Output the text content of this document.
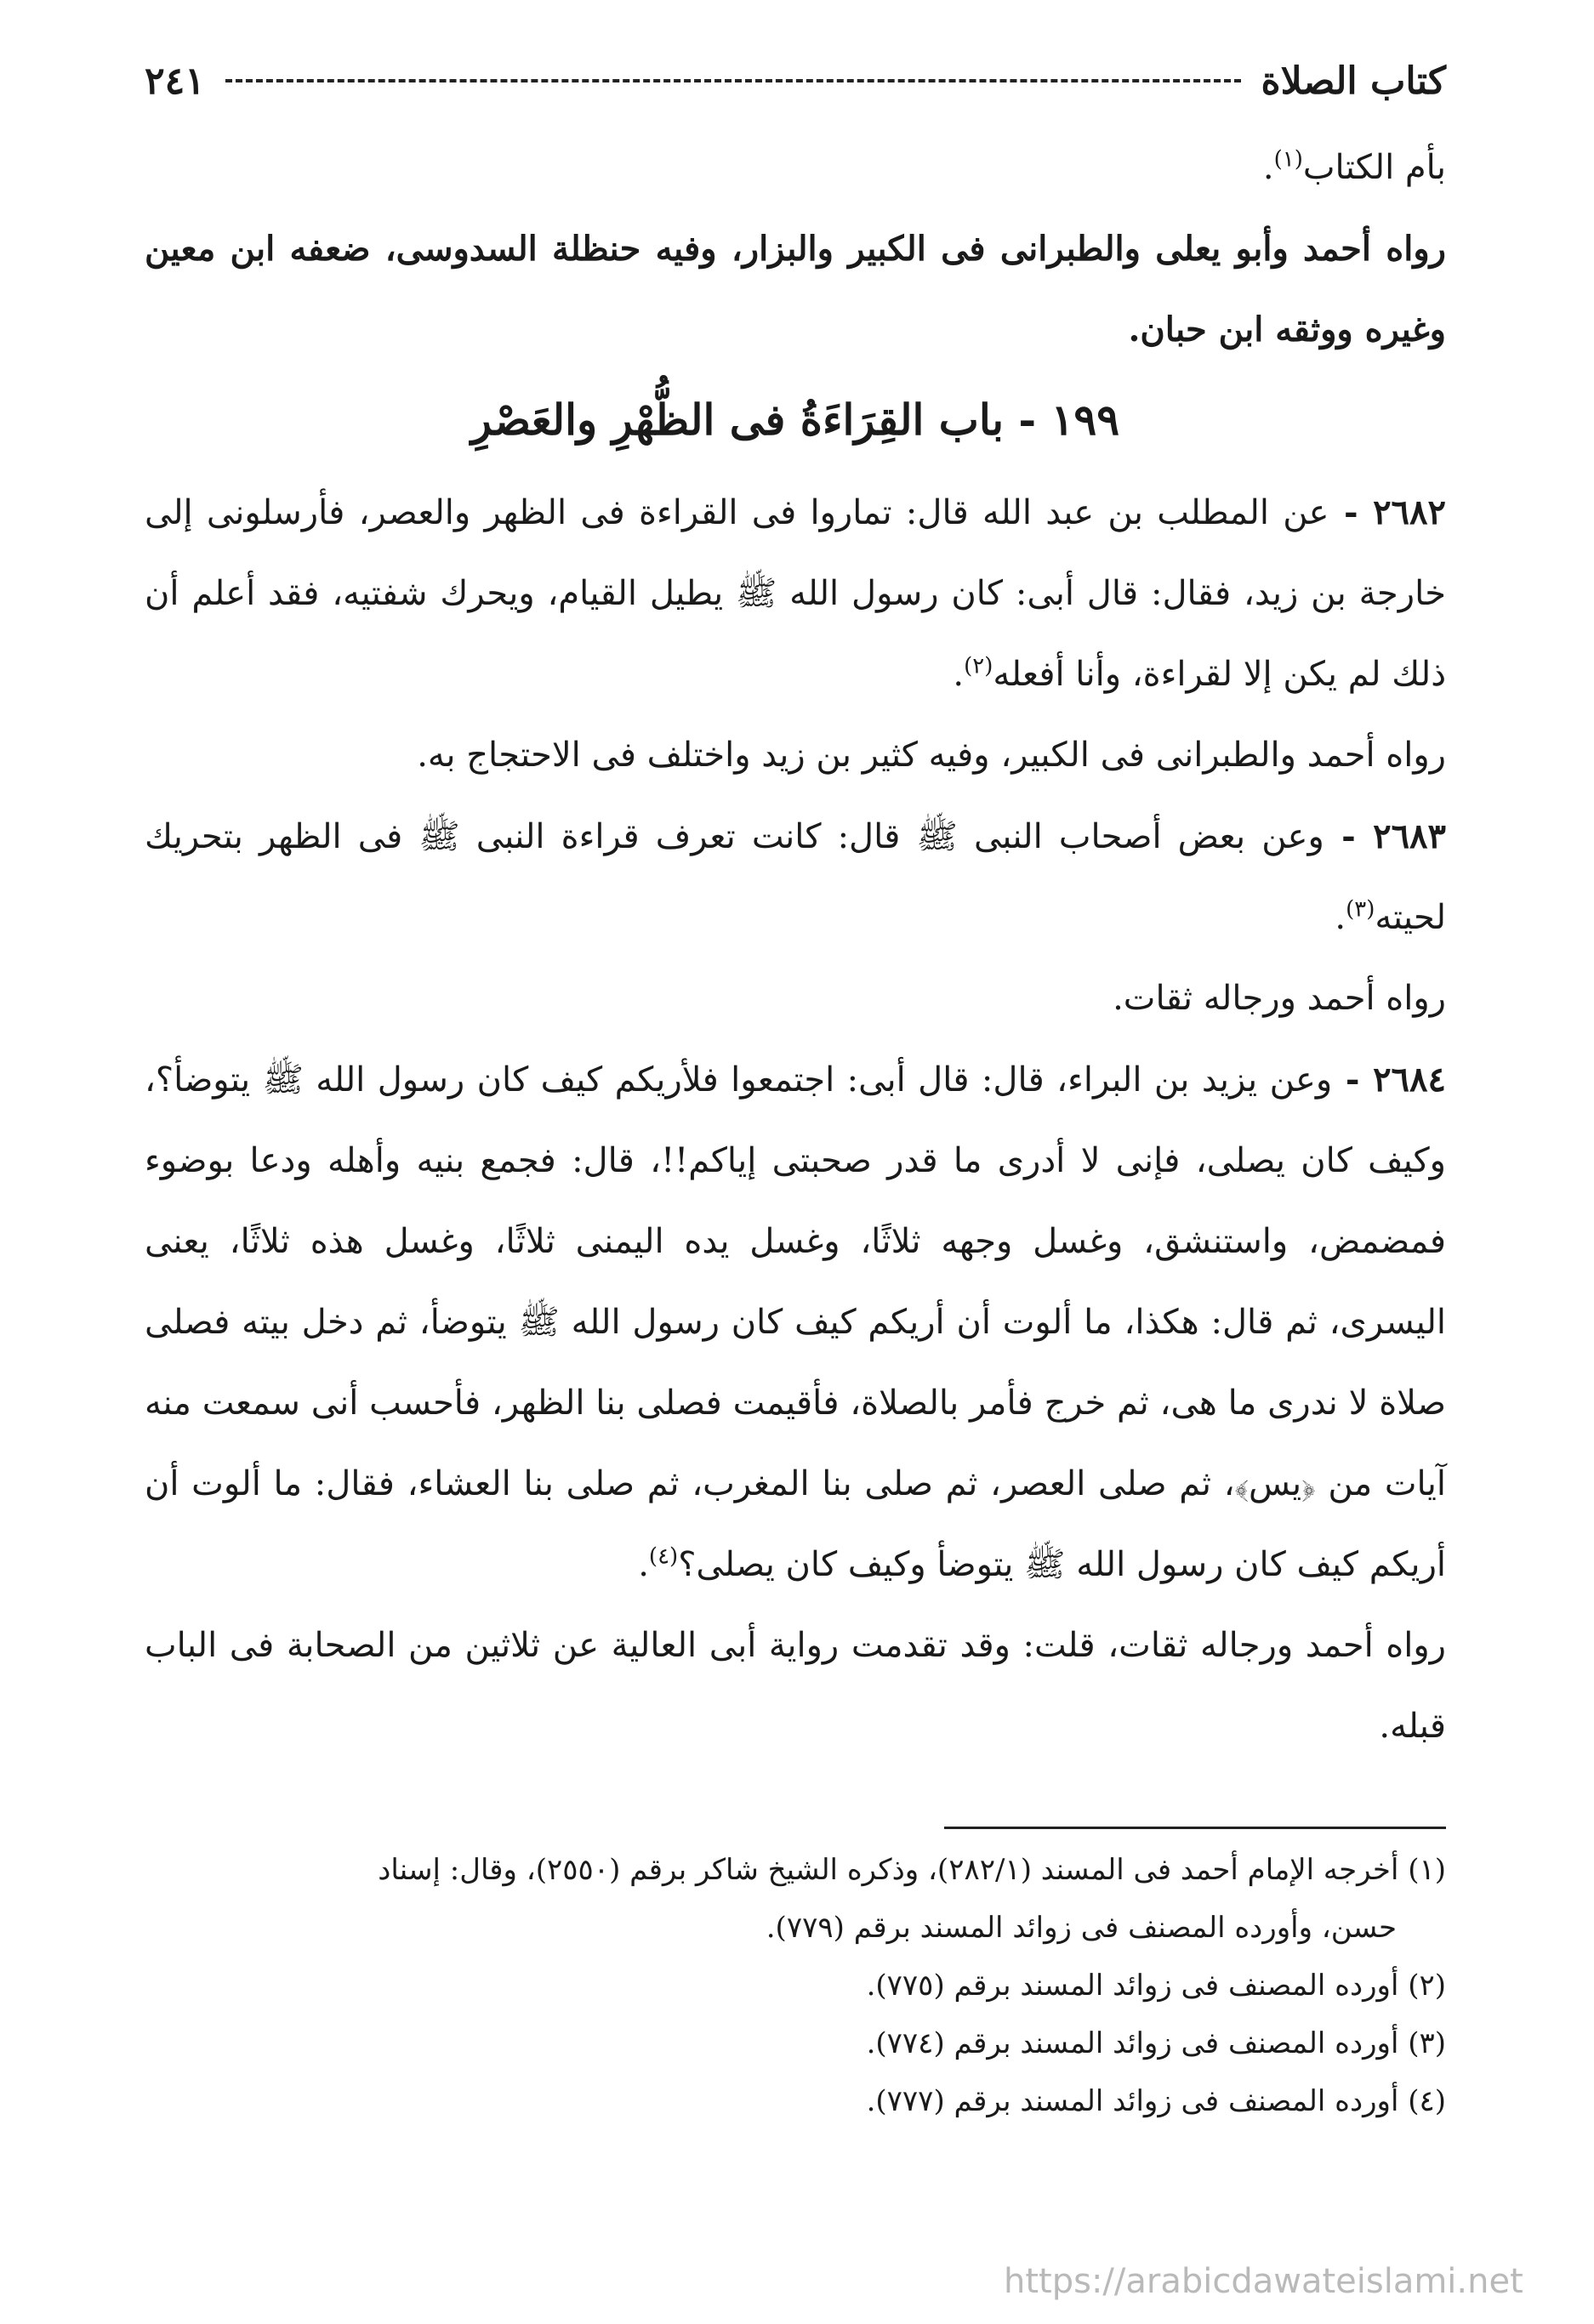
كتاب الصلاة
٢٤١

بأم الكتاب$^{(١)}$.

رواه أحمد وأبو يعلى والطبرانى فى الكبير والبزار، وفيه حنظلة السدوسى، ضعفه ابن معين وغيره ووثقه ابن حبان.

١٩٩ - باب القِرَاءَةُ فى الظُّهْرِ والعَصْرِ

٢٦٨٢ - عن المطلب بن عبد الله قال: تماروا فى القراءة فى الظهر والعصر، فأرسلونى إلى خارجة بن زيد، فقال: قال أبى: كان رسول الله ﷺ يطيل القيام، ويحرك شفتيه، فقد أعلم أن ذلك لم يكن إلا لقراءة، وأنا أفعله$^{(٢)}$.

رواه أحمد والطبرانى فى الكبير، وفيه كثير بن زيد واختلف فى الاحتجاج به.

٢٦٨٣ - وعن بعض أصحاب النبى ﷺ قال: كانت تعرف قراءة النبى ﷺ فى الظهر بتحريك لحيته$^{(٣)}$.

رواه أحمد ورجاله ثقات.

٢٦٨٤ - وعن يزيد بن البراء، قال: قال أبى: اجتمعوا فلأريكم كيف كان رسول الله ﷺ يتوضأ؟، وكيف كان يصلى، فإنى لا أدرى ما قدر صحبتى إياكم!!، قال: فجمع بنيه وأهله ودعا بوضوء فمضمض، واستنشق، وغسل وجهه ثلاثًا، وغسل يده اليمنى ثلاثًا، وغسل هذه ثلاثًا، يعنى اليسرى، ثم قال: هكذا، ما ألوت أن أريكم كيف كان رسول الله ﷺ يتوضأ، ثم دخل بيته فصلى صلاة لا ندرى ما هى، ثم خرج فأمر بالصلاة، فأقيمت فصلى بنا الظهر، فأحسب أنى سمعت منه آيات من ﴿يس﴾، ثم صلى العصر، ثم صلى بنا المغرب، ثم صلى بنا العشاء، فقال: ما ألوت أن أريكم كيف كان رسول الله ﷺ يتوضأ وكيف كان يصلى؟$^{(٤)}$.

رواه أحمد ورجاله ثقات، قلت: وقد تقدمت رواية أبى العالية عن ثلاثين من الصحابة فى الباب قبله.

(١) أخرجه الإمام أحمد فى المسند (٢٨٢/١)، وذكره الشيخ شاكر برقم (٢٥٥٠)، وقال: إسناد

حسن، وأورده المصنف فى زوائد المسند برقم (٧٧٩).

(٢) أورده المصنف فى زوائد المسند برقم (٧٧٥).

(٣) أورده المصنف فى زوائد المسند برقم (٧٧٤).

(٤) أورده المصنف فى زوائد المسند برقم (٧٧٧).

https://arabicdawateislami.net
